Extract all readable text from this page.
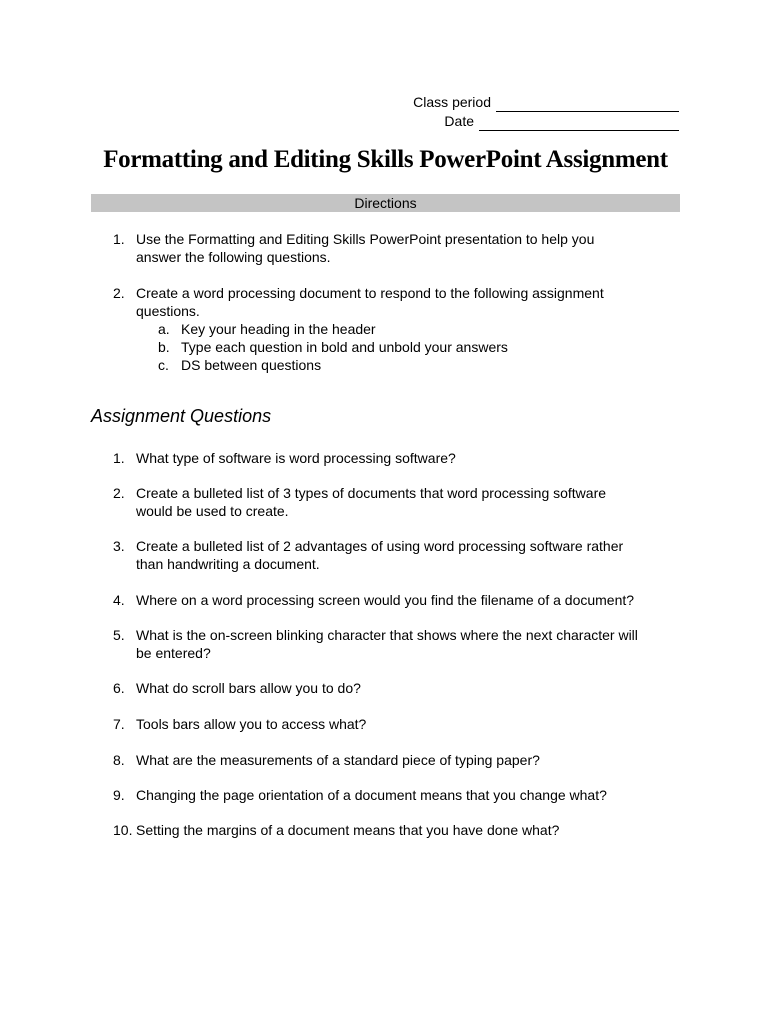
Class period
Date
Formatting and Editing Skills PowerPoint Assignment
Directions
1. Use the Formatting and Editing Skills PowerPoint presentation to help you
answer the following questions.
2. Create a word processing document to respond to the following assignment
questions.
a. Key your heading in the header
b. Type each question in bold and unbold your answers
c. DS between questions
Assignment Questions
1. What type of software is word processing software?
2. Create a bulleted list of 3 types of documents that word processing software
would be used to create.
3. Create a bulleted list of 2 advantages of using word processing software rather
than handwriting a document.
4. Where on a word processing screen would you find the filename of a document?
5. What is the on-screen blinking character that shows where the next character will
be entered?
6. What do scroll bars allow you to do?
7. Tools bars allow you to access what?
8. What are the measurements of a standard piece of typing paper?
9. Changing the page orientation of a document means that you change what?
10. Setting the margins of a document means that you have done what?
